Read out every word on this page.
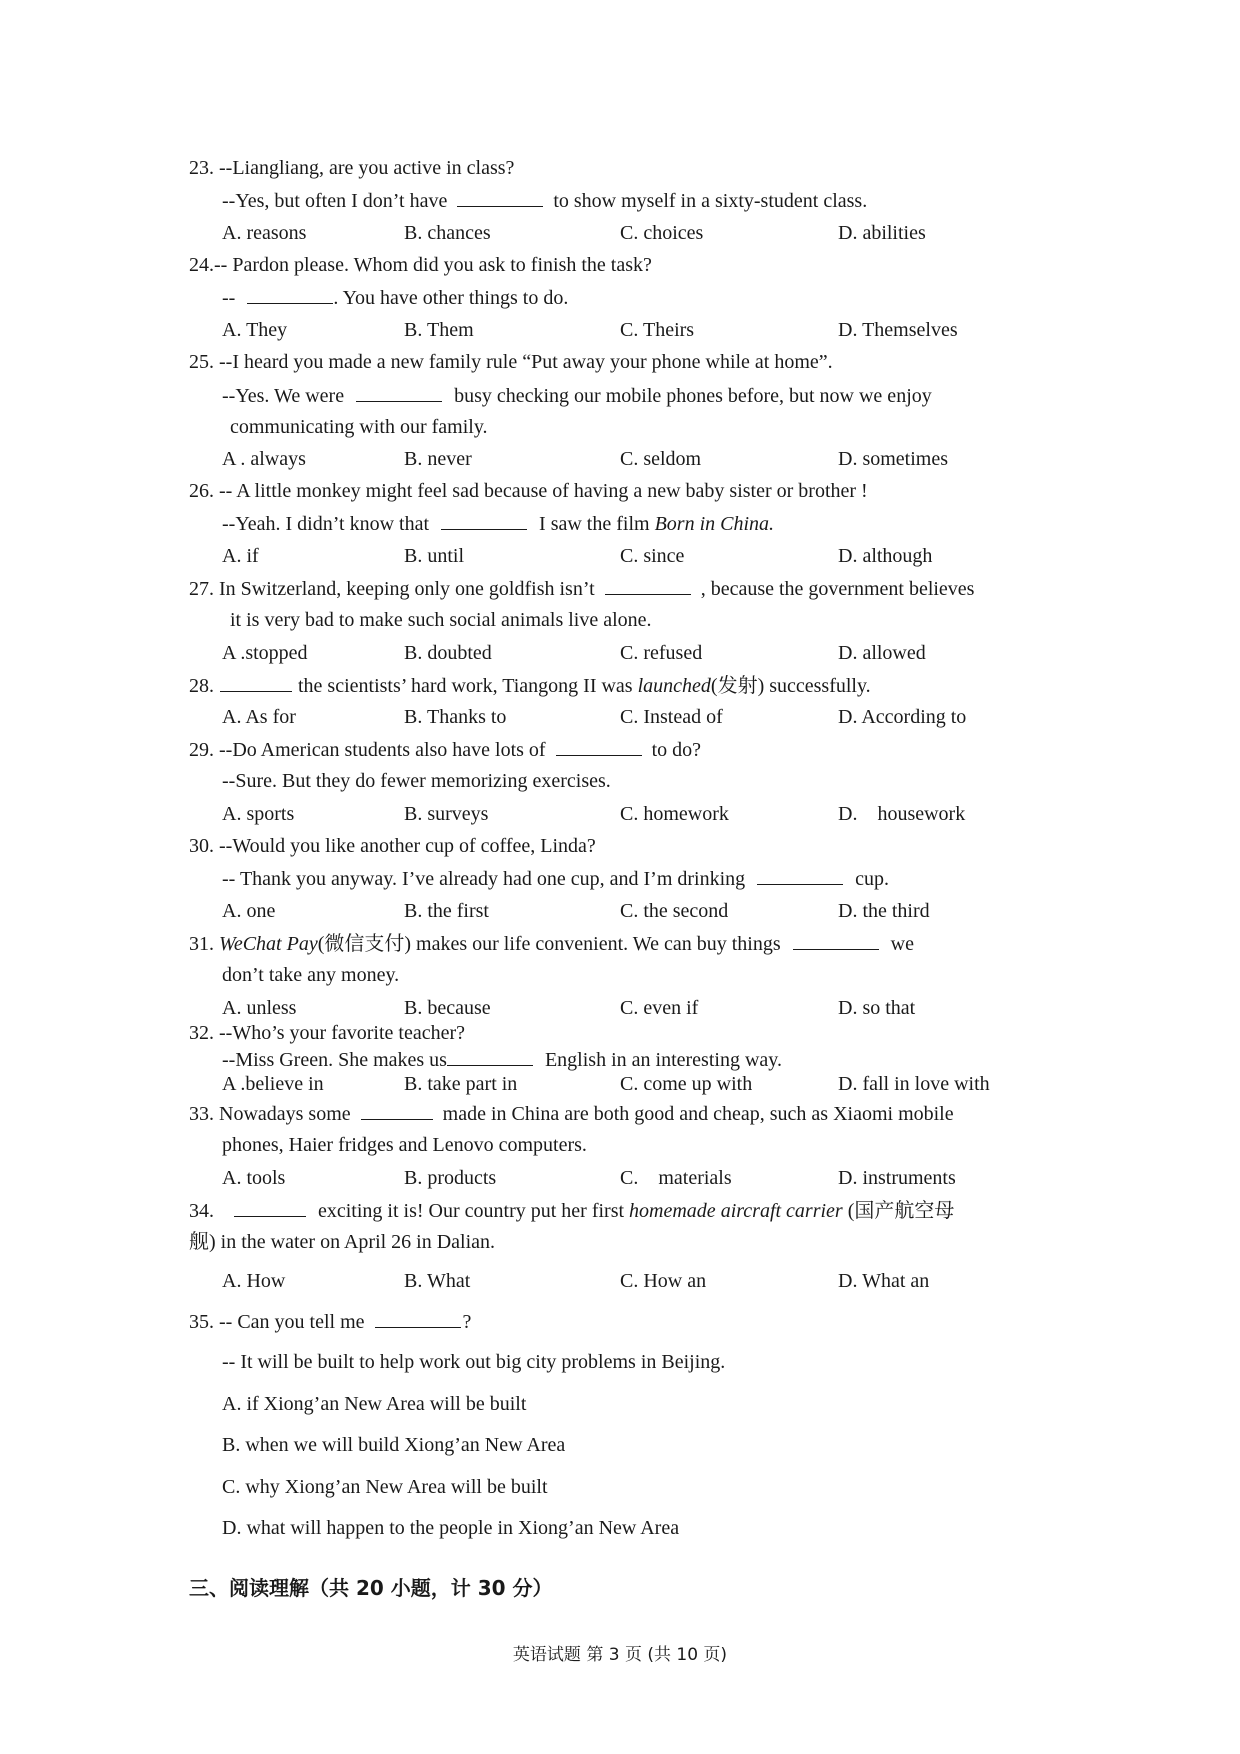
23. --Liangliang, are you active in class?
--Yes, but often I don’t have	to show myself in a sixty-student class.
A. reasons	B. chances	C. choices	D. abilities
24.-- Pardon please. Whom did you ask to finish the task?
--	. You have other things to do.
A. They	B. Them	C. Theirs	D. Themselves
25. --I heard you made a new family rule “Put away your phone while at home”.
--Yes. We were	busy checking our mobile phones before, but now we enjoy
communicating with our family.
A . always	B. never	C. seldom	D. sometimes
26. -- A little monkey might feel sad because of having a new baby sister or brother !
--Yeah. I didn’t know that	I saw the film Born in China.
A. if	B. until	C. since	D. although
27. In Switzerland, keeping only one goldfish isn’t	, because the government believes
it is very bad to make such social animals live alone.
A .stopped	B. doubted	C. refused	D. allowed
28.	the scientists’ hard work, Tiangong II was launched(发射) successfully.
A. As for	B. Thanks to	C. Instead of	D. According to
29. --Do American students also have lots of	to do?
--Sure. But they do fewer memorizing exercises.
A. sports	B. surveys	C. homework	D.    housework
30. --Would you like another cup of coffee, Linda?
-- Thank you anyway. I’ve already had one cup, and I’m drinking	cup.
A. one	B. the first	C. the second	D. the third
31. WeChat Pay(微信支付) makes our life convenient. We can buy things	we
don’t take any money.
A. unless	B. because	C. even if	D. so that
32. --Who’s your favorite teacher?
--Miss Green. She makes us	English in an interesting way.
A .believe in	B. take part in	C. come up with	D. fall in love with
33. Nowadays some	made in China are both good and cheap, such as Xiaomi mobile
phones, Haier fridges and Lenovo computers.
A. tools	B. products	C.    materials	D. instruments
34.	exciting it is! Our country put her first homemade aircraft carrier (国产航空母
舰) in the water on April 26 in Dalian.
A. How	B. What	C. How an	D. What an
35. -- Can you tell me	?
-- It will be built to help work out big city problems in Beijing.
A. if Xiong’an New Area will be built
B. when we will build Xiong’an New Area
C. why Xiong’an New Area will be built
D. what will happen to the people in Xiong’an New Area
三、阅读理解（共 20 小题，计 30 分）
英语试题 第 3 页 (共 10 页)
